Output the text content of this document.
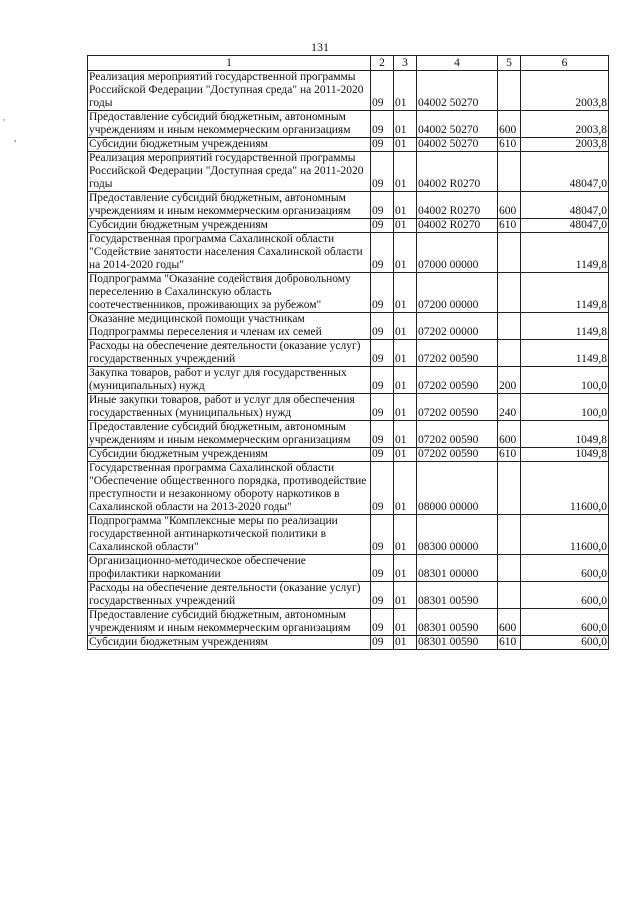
131
'
,
1	2	3	4	5	6
Реализация мероприятий государственной программы Российской Федерации "Доступная среда" на 2011-2020 годы	09	01	04002 50270		2003,8
Предоставление субсидий бюджетным, автономным учреждениям и иным некоммерческим организациям	09	01	04002 50270	600	2003,8
Субсидии бюджетным учреждениям	09	01	04002 50270	610	2003,8
Реализация мероприятий государственной программы Российской Федерации "Доступная среда" на 2011-2020 годы	09	01	04002 R0270		48047,0
Предоставление субсидий бюджетным, автономным учреждениям и иным некоммерческим организациям	09	01	04002 R0270	600	48047,0
Субсидии бюджетным учреждениям	09	01	04002 R0270	610	48047,0
Государственная программа Сахалинской области "Содействие занятости населения Сахалинской области на 2014-2020 годы"	09	01	07000 00000		1149,8
Подпрограмма "Оказание содействия добровольному переселению в Сахалинскую область соотечественников, проживающих за рубежом"	09	01	07200 00000		1149,8
Оказание медицинской помощи участникам Подпрограммы переселения и членам их семей	09	01	07202 00000		1149,8
Расходы на обеспечение деятельности (оказание услуг) государственных учреждений	09	01	07202 00590		1149,8
Закупка товаров, работ и услуг для государственных (муниципальных) нужд	09	01	07202 00590	200	100,0
Иные закупки товаров, работ и услуг для обеспечения государственных (муниципальных) нужд	09	01	07202 00590	240	100,0
Предоставление субсидий бюджетным, автономным учреждениям и иным некоммерческим организациям	09	01	07202 00590	600	1049,8
Субсидии бюджетным учреждениям	09	01	07202 00590	610	1049,8
Государственная программа Сахалинской области "Обеспечение общественного порядка, противодействие преступности и незаконному обороту наркотиков в Сахалинской области на 2013-2020 годы"	09	01	08000 00000		11600,0
Подпрограмма "Комплексные меры по реализации государственной антинаркотической политики в Сахалинской области"	09	01	08300 00000		11600,0
Организационно-методическое обеспечение профилактики наркомании	09	01	08301 00000		600,0
Расходы на обеспечение деятельности (оказание услуг) государственных учреждений	09	01	08301 00590		600,0
Предоставление субсидий бюджетным, автономным учреждениям и иным некоммерческим организациям	09	01	08301 00590	600	600,0
Субсидии бюджетным учреждениям	09	01	08301 00590	610	600,0
